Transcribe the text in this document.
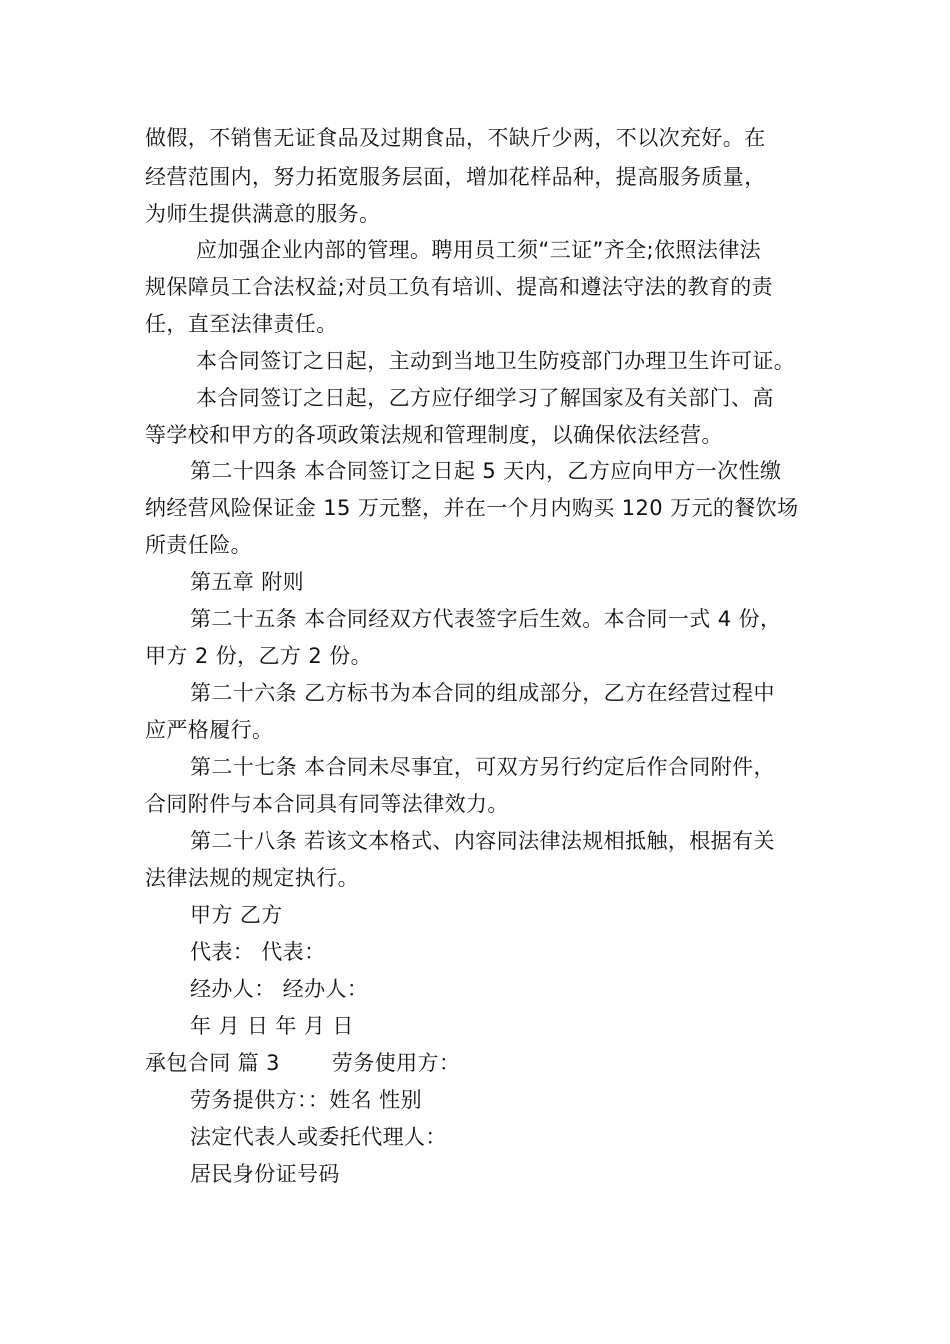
做假，不销售无证食品及过期食品，不缺斤少两，不以次充好。在
经营范围内，努力拓宽服务层面，增加花样品种，提高服务质量，
为师生提供满意的服务。
应加强企业内部的管理。聘用员工须“三证”齐全;依照法律法
规保障员工合法权益;对员工负有培训、提高和遵法守法的教育的责
任，直至法律责任。
本合同签订之日起，主动到当地卫生防疫部门办理卫生许可证。
本合同签订之日起，乙方应仔细学习了解国家及有关部门、高
等学校和甲方的各项政策法规和管理制度，以确保依法经营。
第二十四条 本合同签订之日起 5 天内，乙方应向甲方一次性缴
纳经营风险保证金 15 万元整，并在一个月内购买 120 万元的餐饮场
所责任险。
第五章 附则
第二十五条 本合同经双方代表签字后生效。本合同一式 4 份，
甲方 2 份，乙方 2 份。
第二十六条 乙方标书为本合同的组成部分，乙方在经营过程中
应严格履行。
第二十七条 本合同未尽事宜，可双方另行约定后作合同附件，
合同附件与本合同具有同等法律效力。
第二十八条 若该文本格式、内容同法律法规相抵触，根据有关
法律法规的规定执行。
甲方 乙方
代表： 代表：
经办人： 经办人：
年 月 日 年 月 日
承包合同 篇 3 劳务使用方：
劳务提供方：：姓名 性别
法定代表人或委托代理人：
居民身份证号码
